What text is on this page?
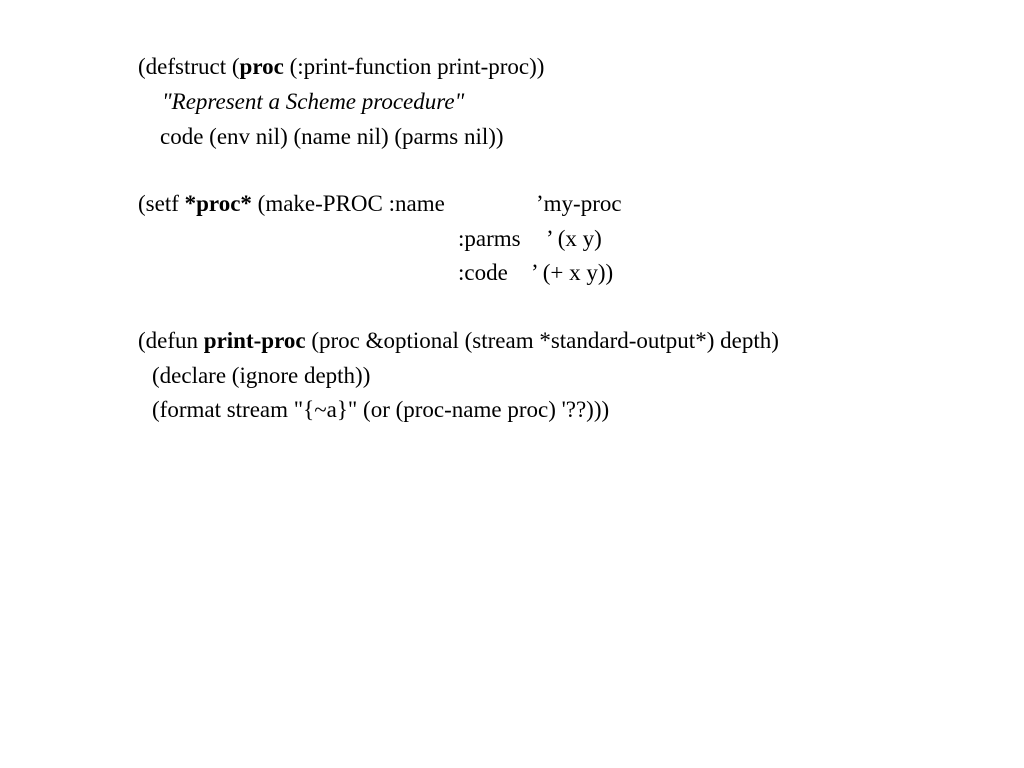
(defstruct (proc (:print-function print-proc))
"Represent a Scheme procedure"
code (env nil) (name nil) (parms nil))
(setf *proc* (make-PROC :name	’my-proc
:parms ’ (x y)
:code ’ (+ x y))
(defun print-proc (proc &optional (stream *standard-output*) depth)
(declare (ignore depth))
(format stream "{~a}" (or (proc-name proc) '??)))
